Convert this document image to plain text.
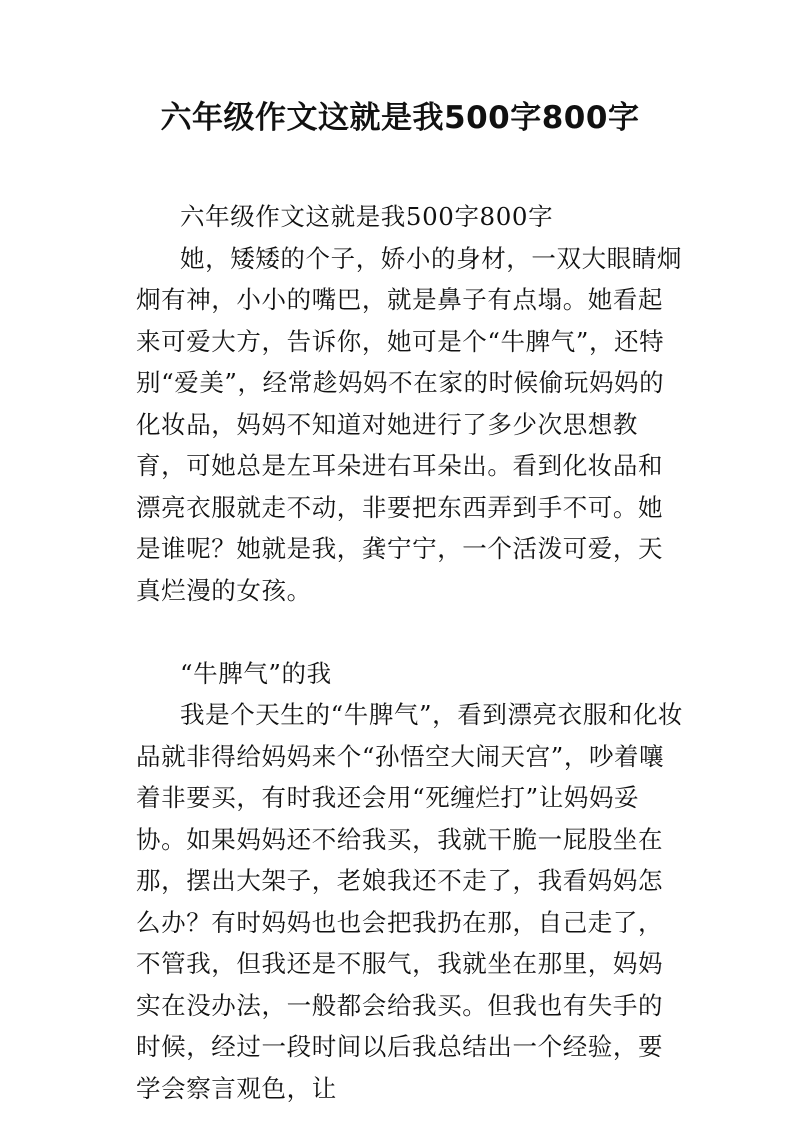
六年级作文这就是我500字800字

六年级作文这就是我500字800字

她，矮矮的个子，娇小的身材，一双大眼睛炯炯有神，小小的嘴巴，就是鼻子有点塌。她看起来可爱大方，告诉你，她可是个“牛脾气”，还特别“爱美”，经常趁妈妈不在家的时候偷玩妈妈的化妆品，妈妈不知道对她进行了多少次思想教育，可她总是左耳朵进右耳朵出。看到化妆品和漂亮衣服就走不动，非要把东西弄到手不可。她是谁呢？她就是我，龚宁宁，一个活泼可爱，天真烂漫的女孩。

“牛脾气”的我

我是个天生的“牛脾气”，看到漂亮衣服和化妆品就非得给妈妈来个“孙悟空大闹天宫”，吵着嚷着非要买，有时我还会用“死缠烂打”让妈妈妥协。如果妈妈还不给我买，我就干脆一屁股坐在那，摆出大架子，老娘我还不走了，我看妈妈怎么办？有时妈妈也也会把我扔在那，自己走了，不管我，但我还是不服气，我就坐在那里，妈妈实在没办法，一般都会给我买。但我也有失手的时候，经过一段时间以后我总结出一个经验，要学会察言观色，让
